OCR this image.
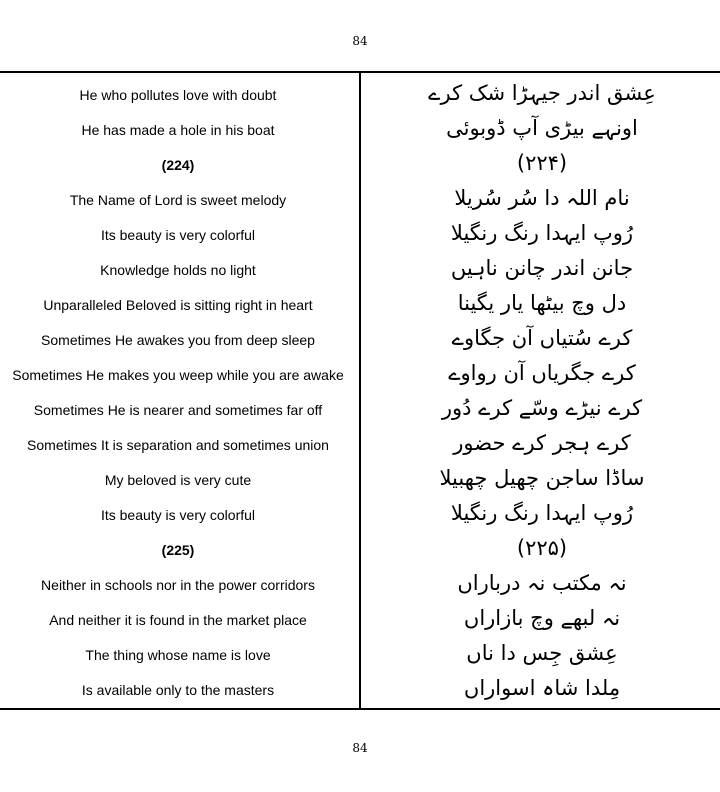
84
He who pollutes love with doubt	عِشق اندر جیہڑا شک کرے
He has made a hole in his boat	اونہے بیڑی آپ ڈوبوئی
(224)	(۲۲۴)
The Name of Lord is sweet melody	نام اللہ دا سُر سُریلا
Its beauty is very colorful	رُوپ ایہدا رنگ رنگیلا
Knowledge holds no light	جانن اندر چانن ناہیں
Unparalleled Beloved is sitting right in heart	دل وچ بیٹھا یار یگینا
Sometimes He awakes you from deep sleep	کرے سُتیاں آن جگاوے
Sometimes He makes you weep while you are awake	کرے جگریاں آن رواوے
Sometimes He is nearer and sometimes far off	کرے نیڑے وسّے کرے دُور
Sometimes It is separation and sometimes union	کرے ہجر کرے حضور
My beloved is very cute	ساڈا ساجن چھیل چھبیلا
Its beauty is very colorful	رُوپ ایہدا رنگ رنگیلا
(225)	(۲۲۵)
Neither in schools nor in the power corridors	نہ مکتب نہ درباراں
And neither it is found in the market place	نہ لبھے وچ بازاراں
The thing whose name is love	عِشق جِس دا ناں
Is available only to the masters	مِلدا شاہ اسواراں
84
